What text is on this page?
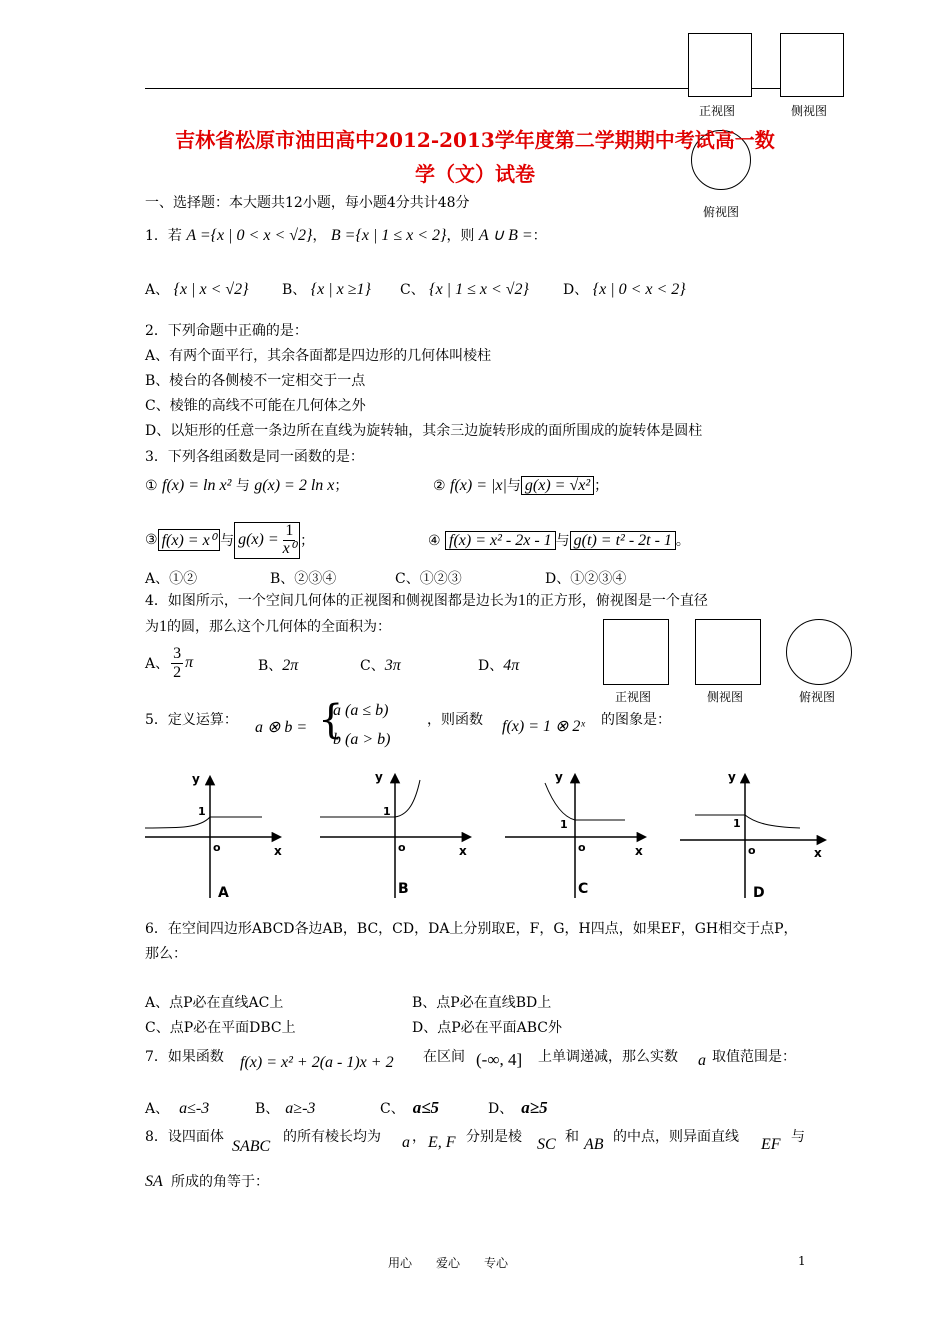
正视图	侧视图
俯视图
吉林省松原市油田高中2012-2013学年度第二学期期中考试高一数
学（文）试卷
一、选择题：本大题共12小题，每小题4分共计48分
1．若 A ={x | 0 < x < √2}， B ={x | 1 ≤ x < 2}，则 A ∪ B =：
A、 {x | x < √2} B、 {x | x ≥1} C、 {x | 1 ≤ x < √2} D、 {x | 0 < x < 2}
2．下列命题中正确的是：
A、有两个面平行，其余各面都是四边形的几何体叫棱柱
B、棱台的各侧棱不一定相交于一点
C、棱锥的高线不可能在几何体之外
D、以矩形的任意一条边所在直线为旋转轴，其余三边旋转形成的面所围成的旋转体是圆柱
3．下列各组函数是同一函数的是：
① f(x) = ln x² 与 g(x) = 2 ln x；	② f(x) = |x|与 g(x) = √x² ；
③ f(x) = x⁰ 与 $g(x) = \frac{1}{\text{x⁰}}$ ；	④ f(x) = x² - 2x - 1 与 g(t) = t² - 2t - 1 。
A、①②	B、②③④	C、①②③	D、①②③④
4．如图所示，一个空间几何体的正视图和侧视图都是边长为1的正方形，俯视图是一个直径
为1的圆，那么这个几何体的全面积为：
A、 $\frac{3}{2}$ π	B、2π	C、3π	D、4π
正视图	侧视图	俯视图
5．定义运算： a ⊗ b = {
a (a ≤ b)
b (a > b)
，则函数 f(x) = 1 ⊗ 2ˣ 的图象是：
y
x
o
1
A
y
x
o
1
B
y
x
o
1
C
y
x
o
1
D
6．在空间四边形ABCD各边AB，BC，CD，DA上分别取E，F，G，H四点，如果EF，GH相交于点P，
那么：
A、点P必在直线AC上	B、点P必在直线BD上
C、点P必在平面DBC上	D、点P必在平面ABC外
7．如果函数 f(x) = x² + 2(a - 1)x + 2 在区间 (-∞, 4] 上单调递减，那么实数 a 取值范围是：
A、 a≤-3	B、 a≥-3	C、 a≤5	D、 a≥5
8．设四面体
SABC
的所有棱长均为 a ， E, F 分别是棱 SC 和 AB 的中点，则异面直线 EF 与
SA 所成的角等于：
用心　　爱心　　专心	1
